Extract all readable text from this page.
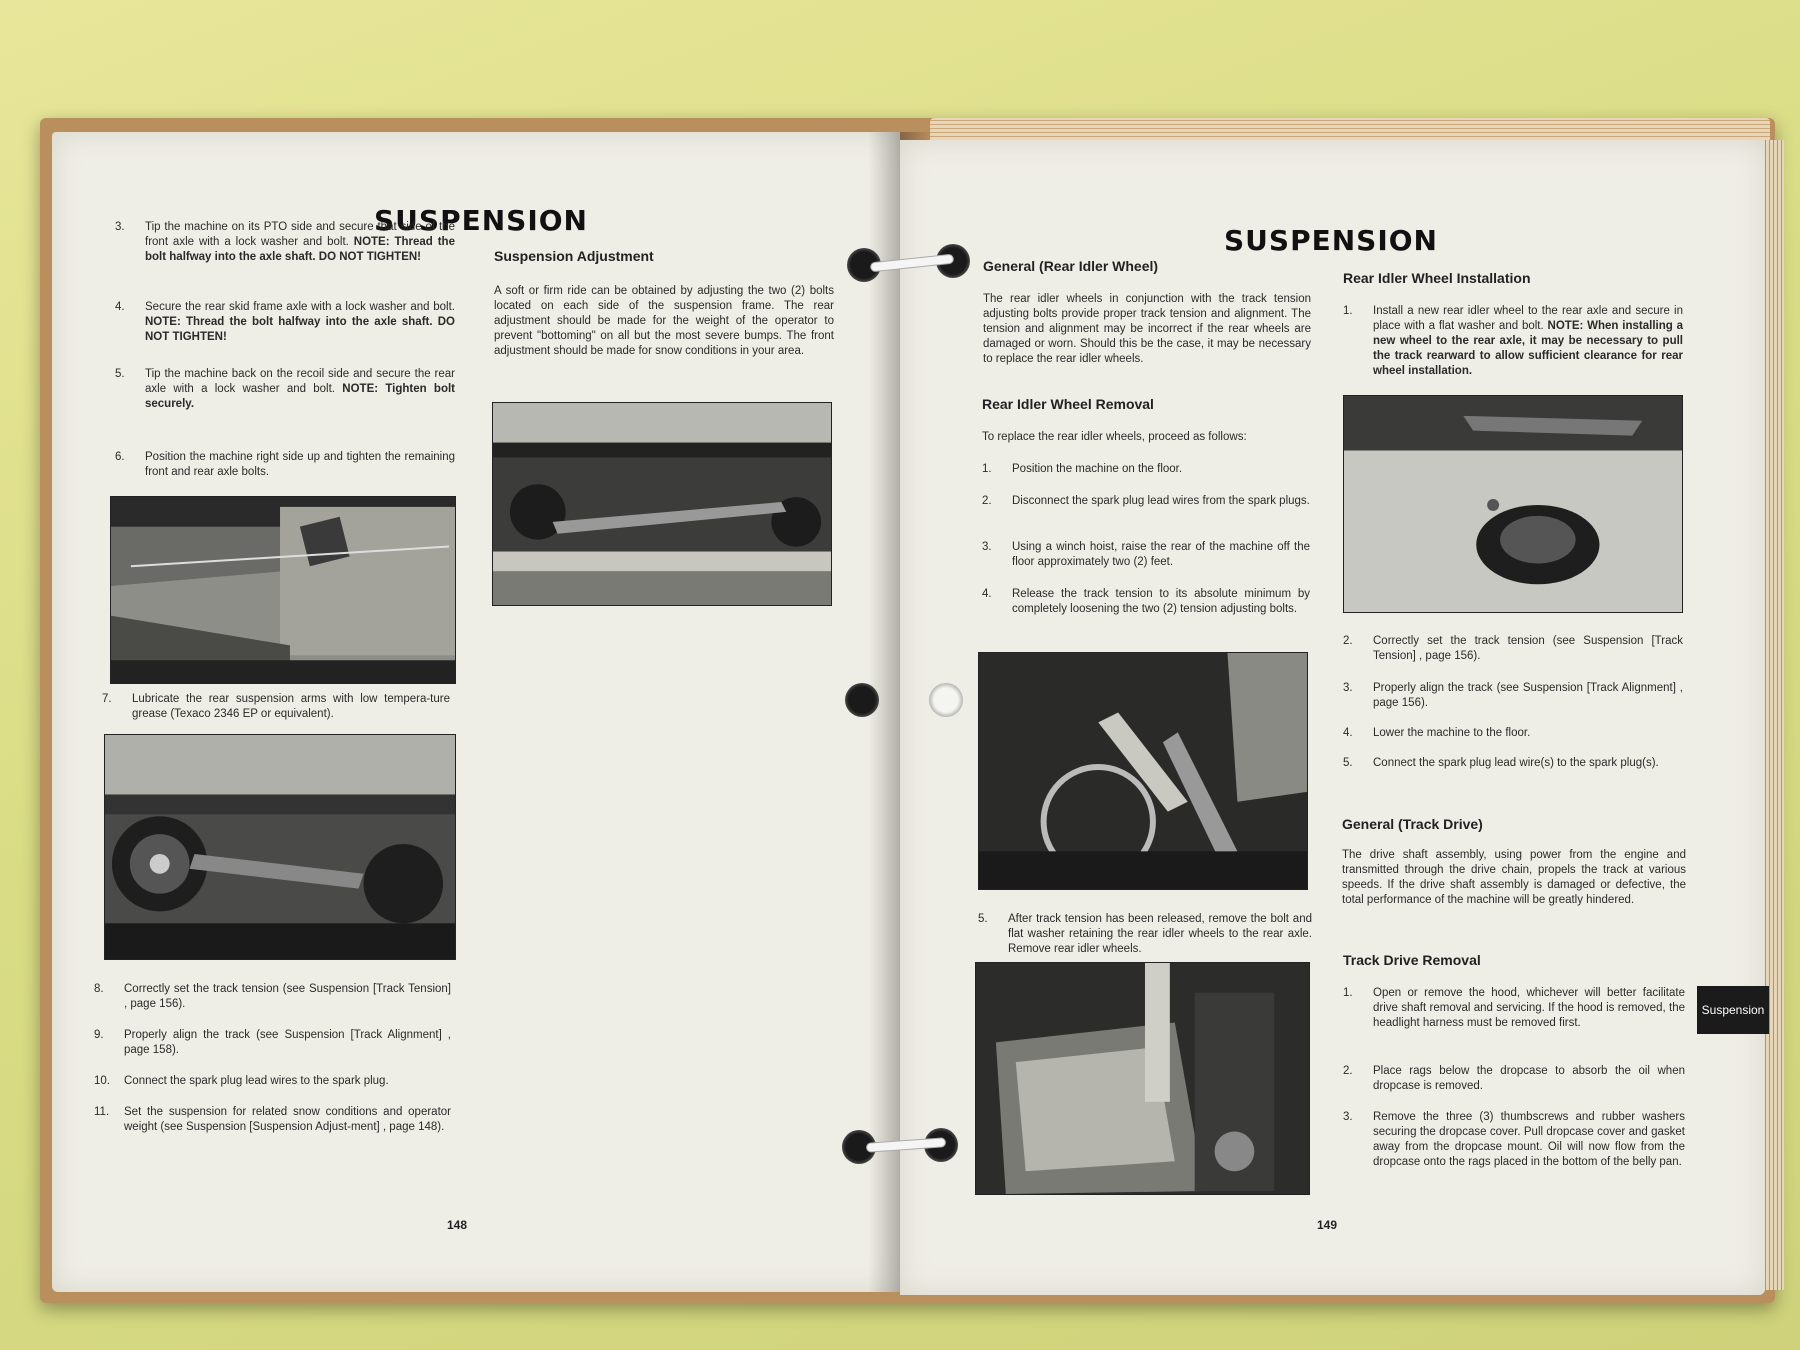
SUSPENSION
3.	Tip the machine on its PTO side and secure that side of the front axle with a lock washer and bolt. NOTE: Thread the bolt halfway into the axle shaft. DO NOT TIGHTEN!
4.	Secure the rear skid frame axle with a lock washer and bolt. NOTE: Thread the bolt halfway into the axle shaft. DO NOT TIGHTEN!
5.	Tip the machine back on the recoil side and secure the rear axle with a lock washer and bolt. NOTE: Tighten bolt securely.
6.	Position the machine right side up and tighten the remaining front and rear axle bolts.
7.	Lubricate the rear suspension arms with low tempera-ture grease (Texaco 2346 EP or equivalent).
8.	Correctly set the track tension (see Suspension [Track Tension] , page 156).
9.	Properly align the track (see Suspension [Track Alignment] , page 158).
10.	Connect the spark plug lead wires to the spark plug.
11.	Set the suspension for related snow conditions and operator weight (see Suspension [Suspension Adjust-ment] , page 148).
Suspension Adjustment
A soft or firm ride can be obtained by adjusting the two (2) bolts located on each side of the suspension frame. The rear adjustment should be made for the weight of the operator to prevent "bottoming" on all but the most severe bumps. The front adjustment should be made for snow conditions in your area.
148
SUSPENSION
General (Rear Idler Wheel)
The rear idler wheels in conjunction with the track tension adjusting bolts provide proper track tension and alignment. The tension and alignment may be incorrect if the rear wheels are damaged or worn. Should this be the case, it may be necessary to replace the rear idler wheels.
Rear Idler Wheel Removal
To replace the rear idler wheels, proceed as follows:
1.	Position the machine on the floor.
2.	Disconnect the spark plug lead wires from the spark plugs.
3.	Using a winch hoist, raise the rear of the machine off the floor approximately two (2) feet.
4.	Release the track tension to its absolute minimum by completely loosening the two (2) tension adjusting bolts.
5.	After track tension has been released, remove the bolt and flat washer retaining the rear idler wheels to the rear axle. Remove rear idler wheels.
Rear Idler Wheel Installation
1.	Install a new rear idler wheel to the rear axle and secure in place with a flat washer and bolt. NOTE: When installing a new wheel to the rear axle, it may be necessary to pull the track rearward to allow sufficient clearance for rear wheel installation.
2.	Correctly set the track tension (see Suspension [Track Tension] , page 156).
3.	Properly align the track (see Suspension [Track Alignment] , page 156).
4.	Lower the machine to the floor.
5.	Connect the spark plug lead wire(s) to the spark plug(s).
General (Track Drive)
The drive shaft assembly, using power from the engine and transmitted through the drive chain, propels the track at various speeds. If the drive shaft assembly is damaged or defective, the total performance of the machine will be greatly hindered.
Track Drive Removal
1.	Open or remove the hood, whichever will better facilitate drive shaft removal and servicing. If the hood is removed, the headlight harness must be removed first.
2.	Place rags below the dropcase to absorb the oil when dropcase is removed.
3.	Remove the three (3) thumbscrews and rubber washers securing the dropcase cover. Pull dropcase cover and gasket away from the dropcase mount. Oil will now flow from the dropcase onto the rags placed in the bottom of the belly pan.
149
Suspension
